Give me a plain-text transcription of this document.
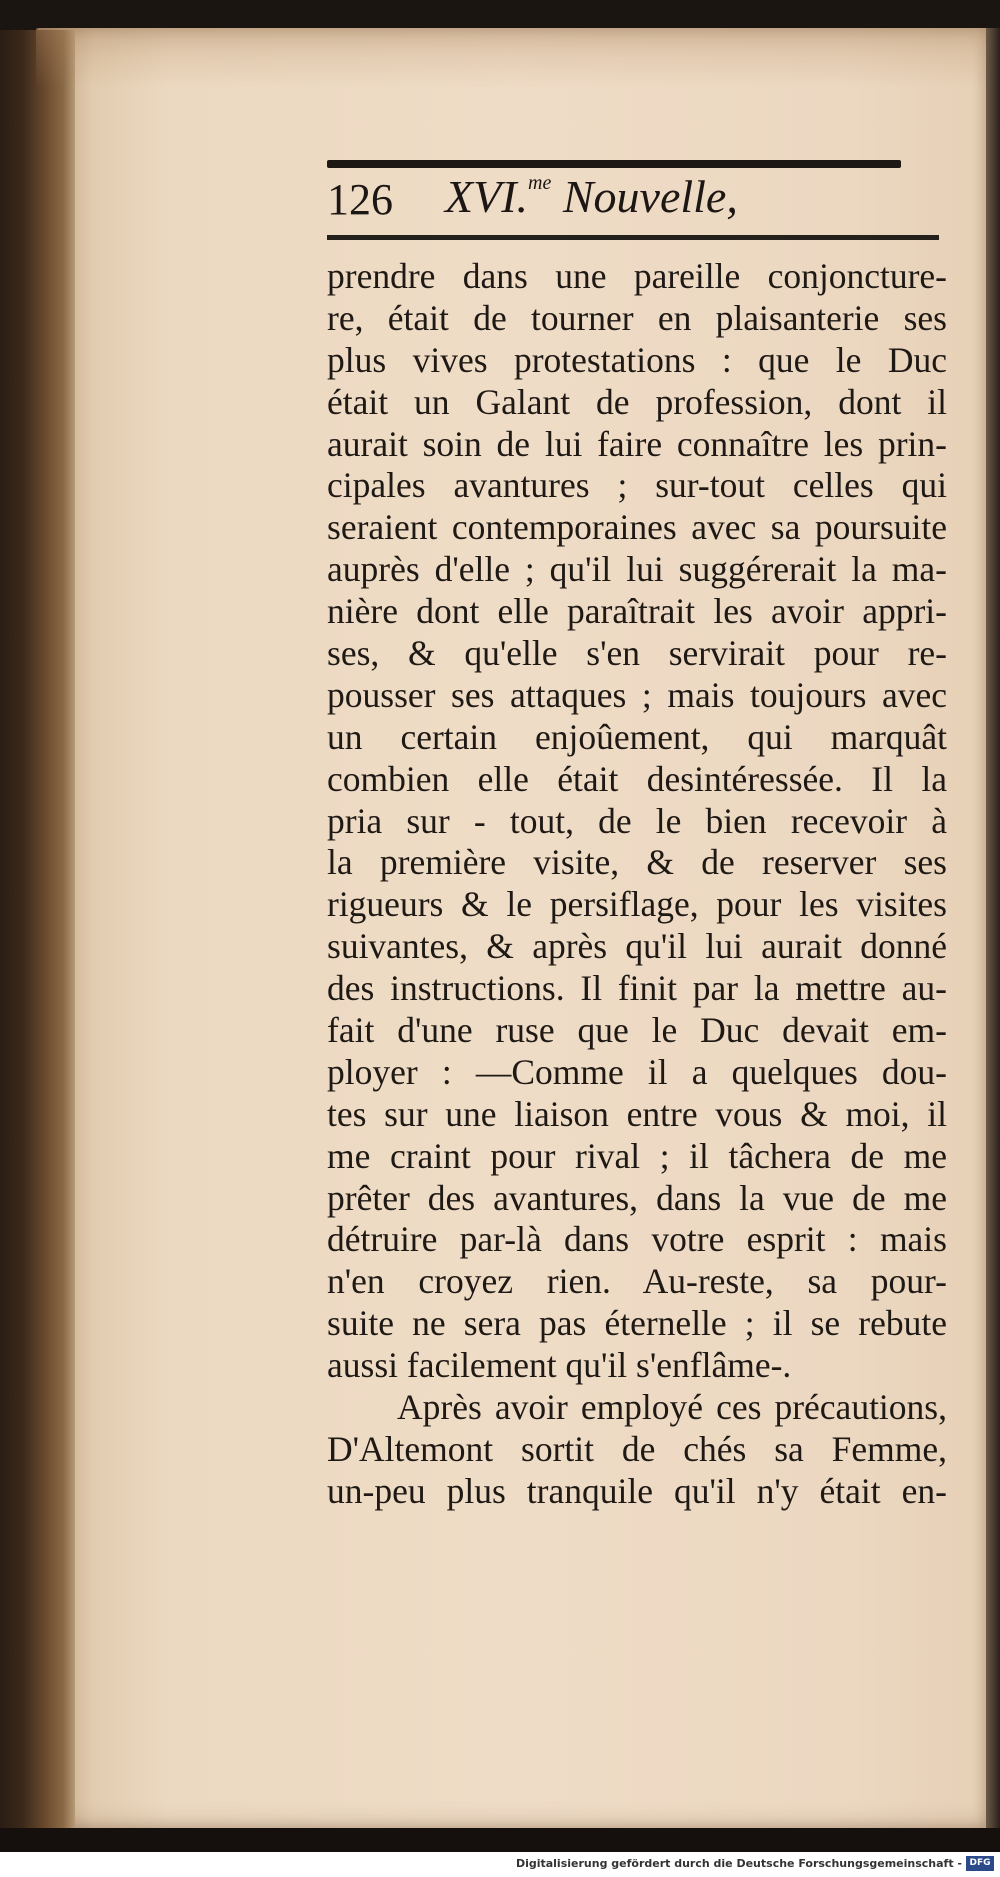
126 XVI.$^{me}$ Nouvelle,
prendre dans une pareille conjoncture-
re, était de tourner en plaisanterie ses
plus vives protestations : que le Duc
était un Galant de profession, dont il
aurait soin de lui faire connaître les prin-
cipales avantures ; sur-tout celles qui
seraient contemporaines avec sa poursuite
auprès d'elle ; qu'il lui suggérerait la ma-
nière dont elle paraîtrait les avoir appri-
ses, & qu'elle s'en servirait pour re-
pousser ses attaques ; mais toujours avec
un certain enjoûement, qui marquât
combien elle était desintéressée. Il la
pria sur - tout, de le bien recevoir à
la première visite, & de reserver ses
rigueurs & le persiflage, pour les visites
suivantes, & après qu'il lui aurait donné
des instructions. Il finit par la mettre au-
fait d'une ruse que le Duc devait em-
ployer : —Comme il a quelques dou-
tes sur une liaison entre vous & moi, il
me craint pour rival ; il tâchera de me
prêter des avantures, dans la vue de me
détruire par-là dans votre esprit : mais
n'en croyez rien. Au-reste, sa pour-
suite ne sera pas éternelle ; il se rebute
aussi facilement qu'il s'enflâme-.
Après avoir employé ces précautions,
D'Altemont sortit de chés sa Femme,
un-peu plus tranquile qu'il n'y était en-
Digitalisierung gefördert durch die Deutsche Forschungsgemeinschaft - DFG
